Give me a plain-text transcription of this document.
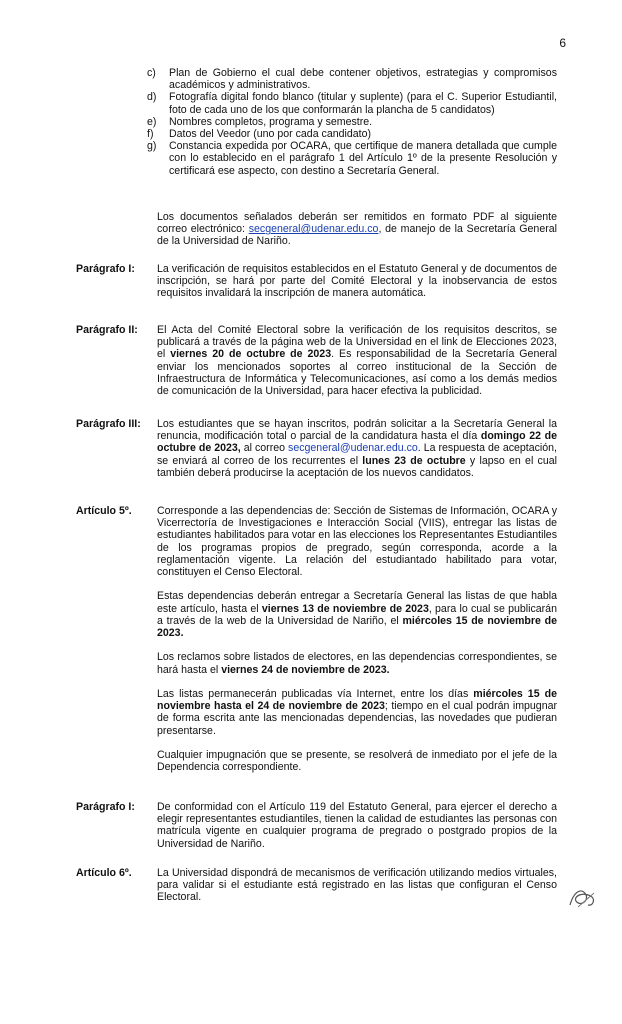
6
c)	Plan de Gobierno el cual debe contener objetivos, estrategias y compromisos académicos y administrativos.
d)	Fotografía digital fondo blanco (titular y suplente) (para el C. Superior Estudiantil, foto de cada uno de los que conformarán la plancha de 5 candidatos)
e)	Nombres completos, programa y semestre.
f)	Datos del Veedor (uno por cada candidato)
g)	Constancia expedida por OCARA, que certifique de manera detallada que cumple con lo establecido en el parágrafo 1 del Artículo 1º de la presente Resolución y certificará ese aspecto, con destino a Secretaría General.
Los documentos señalados deberán ser remitidos en formato PDF al siguiente correo electrónico: secgeneral@udenar.edu.co, de manejo de la Secretaría General de la Universidad de Nariño.
Parágrafo I:	La verificación de requisitos establecidos en el Estatuto General y de documentos de inscripción, se hará por parte del Comité Electoral y la inobservancia de estos requisitos invalidará la inscripción de manera automática.
Parágrafo II:	El Acta del Comité Electoral sobre la verificación de los requisitos descritos, se publicará a través de la página web de la Universidad en el link de Elecciones 2023, el viernes 20 de octubre de 2023. Es responsabilidad de la Secretaría General enviar los mencionados soportes al correo institucional de la Sección de Infraestructura de Informática y Telecomunicaciones, así como a los demás medios de comunicación de la Universidad, para hacer efectiva la publicidad.
Parágrafo III:	Los estudiantes que se hayan inscritos, podrán solicitar a la Secretaría General la renuncia, modificación total o parcial de la candidatura hasta el día domingo 22 de octubre de 2023, al correo secgeneral@udenar.edu.co. La respuesta de aceptación, se enviará al correo de los recurrentes el lunes 23 de octubre y lapso en el cual también deberá producirse la aceptación de los nuevos candidatos.
Artículo 5º.	Corresponde a las dependencias de: Sección de Sistemas de Información, OCARA y Vicerrectoría de Investigaciones e Interacción Social (VIIS), entregar las listas de estudiantes habilitados para votar en las elecciones los Representantes Estudiantiles de los programas propios de pregrado, según corresponda, acorde a la reglamentación vigente. La relación del estudiantado habilitado para votar, constituyen el Censo Electoral.

Estas dependencias deberán entregar a Secretaría General las listas de que habla este artículo, hasta el viernes 13 de noviembre de 2023, para lo cual se publicarán a través de la web de la Universidad de Nariño, el miércoles 15 de noviembre de 2023.

Los reclamos sobre listados de electores, en las dependencias correspondientes, se hará hasta el viernes 24 de noviembre de 2023.

Las listas permanecerán publicadas vía Internet, entre los días miércoles 15 de noviembre hasta el 24 de noviembre de 2023; tiempo en el cual podrán impugnar de forma escrita ante las mencionadas dependencias, las novedades que pudieran presentarse.

Cualquier impugnación que se presente, se resolverá de inmediato por el jefe de la Dependencia correspondiente.

Parágrafo I:	De conformidad con el Artículo 119 del Estatuto General, para ejercer el derecho a elegir representantes estudiantiles, tienen la calidad de estudiantes las personas con matrícula vigente en cualquier programa de pregrado o postgrado propios de la Universidad de Nariño.
Artículo 6º.	La Universidad dispondrá de mecanismos de verificación utilizando medios virtuales, para validar si el estudiante está registrado en las listas que configuran el Censo Electoral.
